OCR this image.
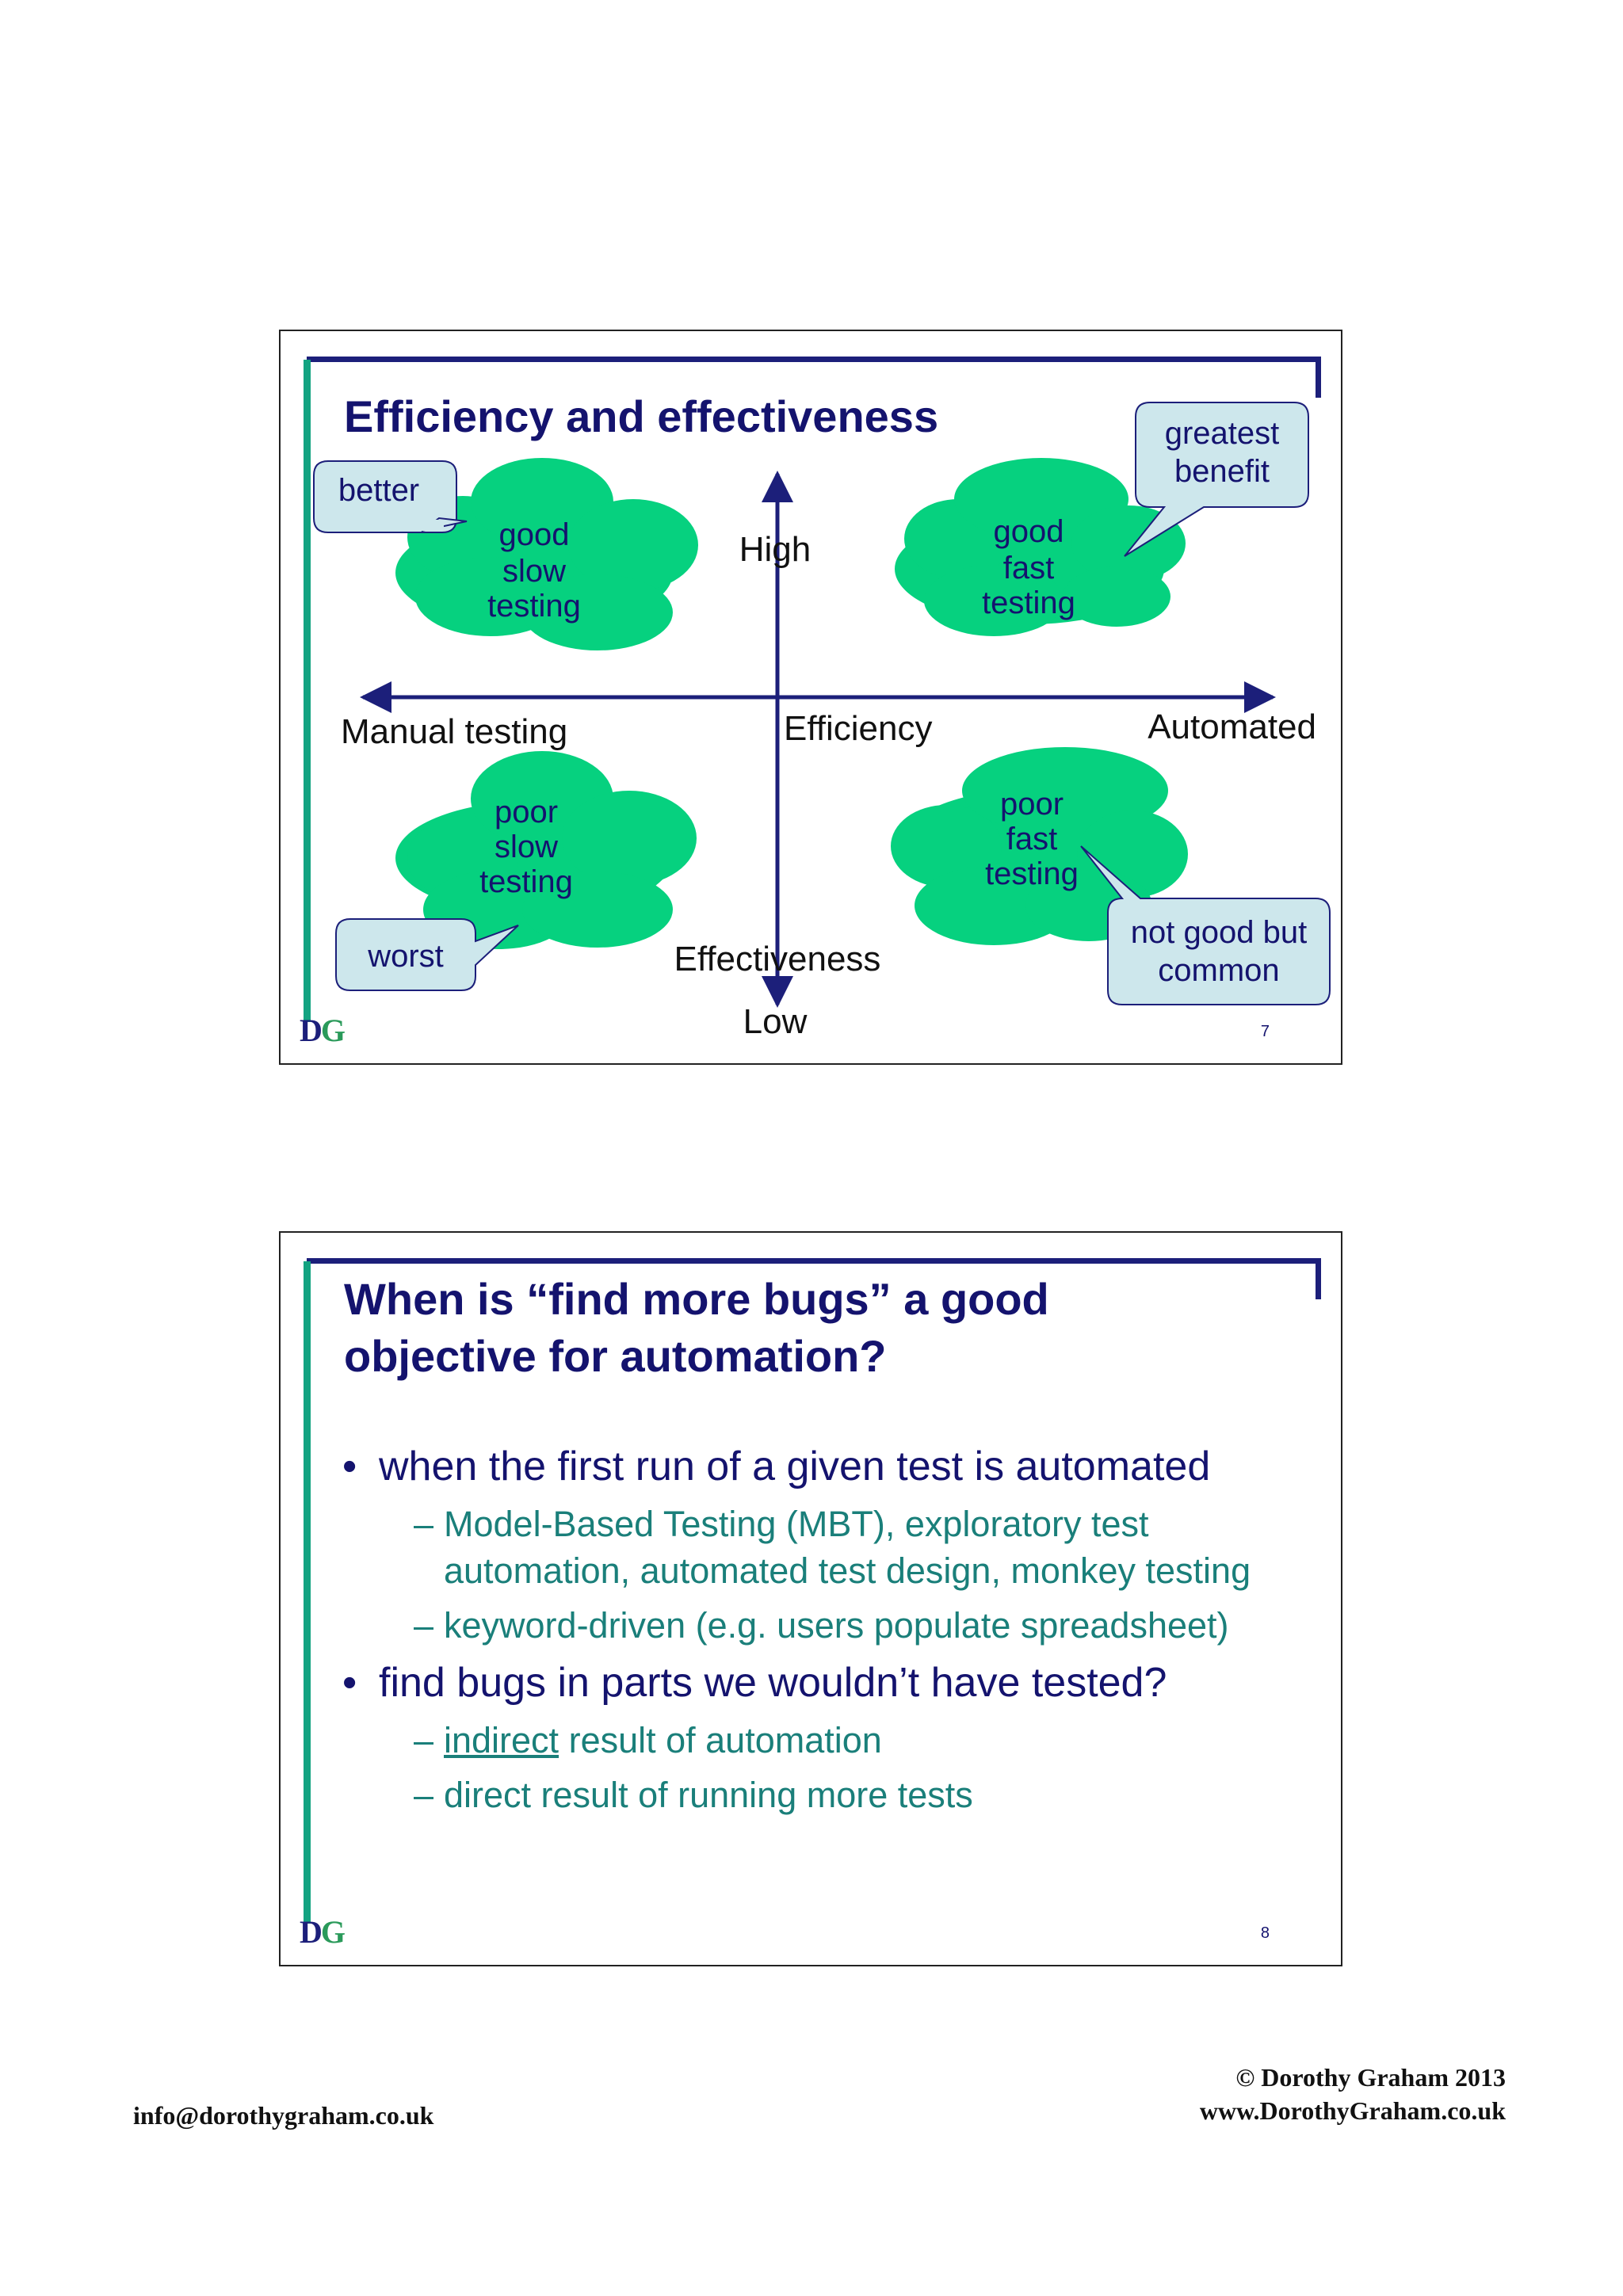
High
Low
Manual testing	Automated
Efficiency
Effectiveness
good
slow
testing
good
fast
testing
poor
slow
testing
poor
fast
testing
better
greatest
benefit
worst
not good but
common
Efficiency and effectiveness
DG	7
When is “find more bugs” a good
objective for automation?
• when the first run of a given test is automated
– Model-Based Testing (MBT), exploratory test
automation, automated test design, monkey testing
– keyword-driven (e.g. users populate spreadsheet)
• find bugs in parts we wouldn’t have tested?
– indirect result of automation
– direct result of running more tests
DG	8
© Dorothy Graham 2013
www.DorothyGraham.co.uk
info@dorothygraham.co.uk
